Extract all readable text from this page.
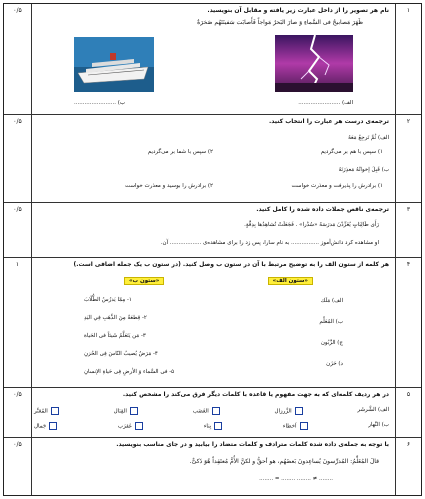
۱
۰/۵	نام هر تصویر را از داخل عبارت زیر یافته و مقابل آن بنویسید.
ظَهَرَ مَصابیحُ فی السَّماءِ وَ صارَ البَحرُ مَواجاً فَأَصابَت سَفینَتَهُم صَخرَةٌ
الف) ........................
ب) ........................
۲
۰/۵	ترجمه‌ی درست هر عبارت را انتخاب کنید.
الف) ثُمَّ تَرجِعُ مَعَهُ
۱) سپس با هم بر می‌گردیم
۲) سپس با شما بر می‌گردیم
ب) قَبِلَ إخوانُهُ مَعذِرَتَهُ
۱) برادرش را پذیرفت و معذرت خواست
۲) برادرش را بوسید و معذرت خواست
۳
۰/۵	ترجمه‌ی ناقص جملات داده شده را کامل کنید.
رَأَی طَالِبَاتٍ یُغَرِّدْنَ مَدرَسَةً «سُدْرا» . فَجَعَلَتْ تُشاهِدُها بِدِقَّةٍ.
او مشاهده کرد دانش‌آموز ................ به نام سارا، پس زد را برای مشاهده‌ی .................. آن.
۴
۱	هر کلمه از ستون الف را به توضیح مرتبط با آن در ستون ب وصل کنید. (در ستون ب یک جمله اضافی است.)
«ستون الف»
«ستون ب»
الف) مَلَك
ب) المُعَلِّم
ج) الزَّبُون
د) حَزَن
۱- مِمّا یَدرُسُ الطُّلّابَ
۲- قِطعَةٌ مِنَ الذَّهَبِ فِي الیَدِ
۳- مَن یَتَعَلَّمُ شَیئاً فی الحَیاة
۴- مَرَضٌ یُصیبُ النّاسَ فِی الحُزنِ
۵- فی السَّماء وَ الأرضِ فِی حَیاةِ الإنسانِ
۵
۰/۵	در هر ردیف کلمه‌ای که به جهت مفهوم یا قاعده با کلمات دیگر فرق می‌کند را مشخص کنید.
الف) الشَّرشَر
الزَّرزال
الغَضَب
القِتال
المُعَنَّر
ب) النَّهار
اَخطاء
بِناء
عَقرَب
جَمال
۶
۰/۵	با توجه به جمله‌ی داده شده کلمات مترادف و کلمات متضاد را بیابید و در جای مناسب بنویسید.
قالَ المُعَلِّمُ: المُدرِّسونَ یُساعِدونَ بَعضَهُم، هو أحقُّ و لکنَّ الأُمَّ مُعتَقِداً هُوَ ذَکیٌّ.
........ = ........ ........ ≠ ........
